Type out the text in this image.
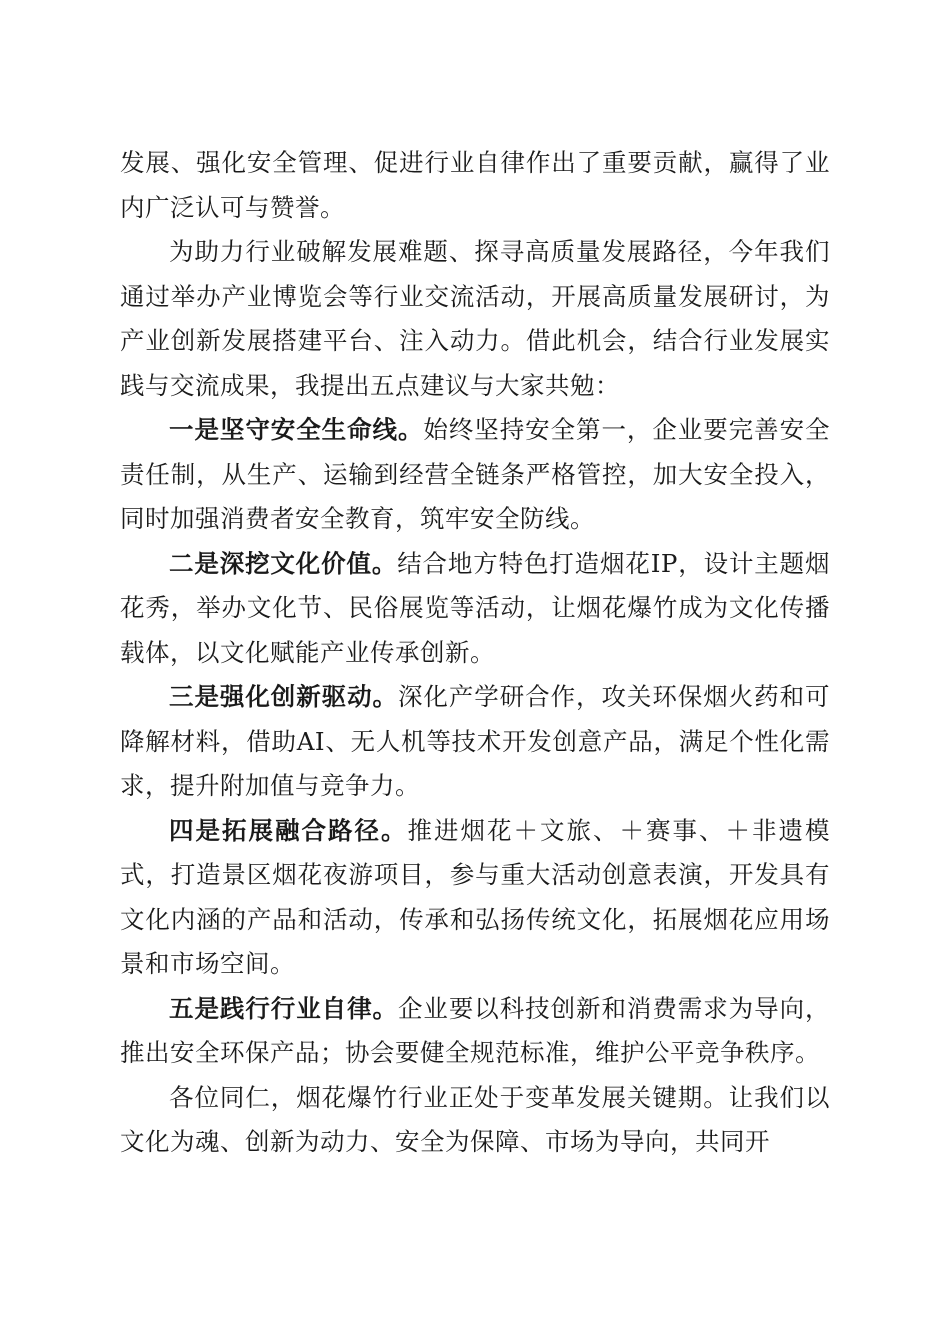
发展、强化安全管理、促进行业自律作出了重要贡献，赢得了业内广泛认可与赞誉。

为助力行业破解发展难题、探寻高质量发展路径，今年我们通过举办产业博览会等行业交流活动，开展高质量发展研讨，为产业创新发展搭建平台、注入动力。借此机会，结合行业发展实践与交流成果，我提出五点建议与大家共勉：

一是坚守安全生命线。始终坚持安全第一，企业要完善安全责任制，从生产、运输到经营全链条严格管控，加大安全投入，同时加强消费者安全教育，筑牢安全防线。

二是深挖文化价值。结合地方特色打造烟花IP，设计主题烟花秀，举办文化节、民俗展览等活动，让烟花爆竹成为文化传播载体，以文化赋能产业传承创新。

三是强化创新驱动。深化产学研合作，攻关环保烟火药和可降解材料，借助AI、无人机等技术开发创意产品，满足个性化需求，提升附加值与竞争力。

四是拓展融合路径。推进烟花＋文旅、＋赛事、＋非遗模式，打造景区烟花夜游项目，参与重大活动创意表演，开发具有文化内涵的产品和活动，传承和弘扬传统文化，拓展烟花应用场景和市场空间。

五是践行行业自律。企业要以科技创新和消费需求为导向，推出安全环保产品；协会要健全规范标准，维护公平竞争秩序。

各位同仁，烟花爆竹行业正处于变革发展关键期。让我们以文化为魂、创新为动力、安全为保障、市场为导向，共同开
